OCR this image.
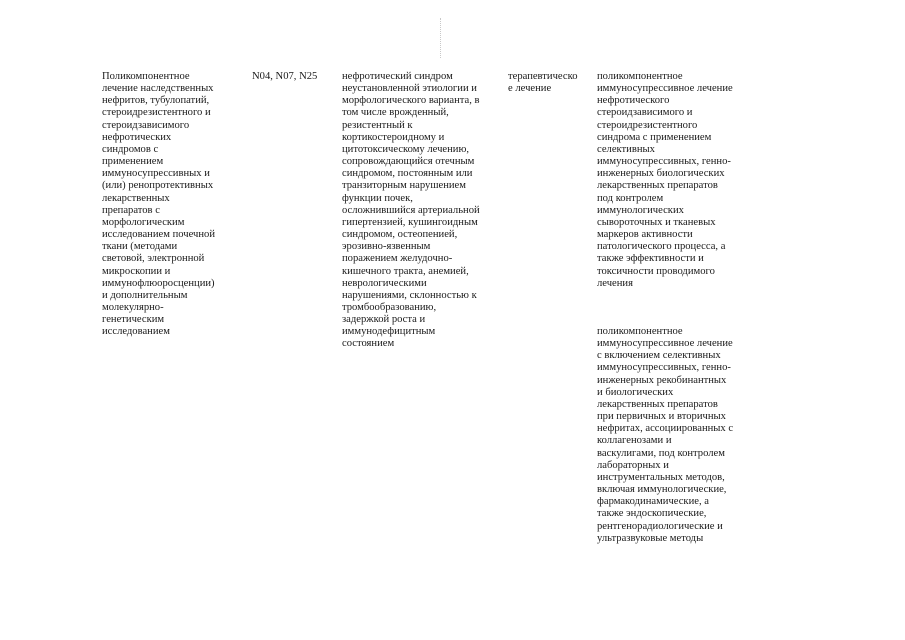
Поликомпонентное
лечение наследственных
нефритов, тубулопатий,
стероидрезистентного и
стероидзависимого
нефротических
синдромов с
применением
иммуносупрессивных и
(или) ренопротективных
лекарственных
препаратов с
морфологическим
исследованием почечной
ткани (методами
световой, электронной
микроскопии и
иммунофлюоросценции)
и дополнительным
молекулярно-
генетическим
исследованием
N04, N07, N25	нефротический синдром
неустановленной этиологии и
морфологического варианта, в
том числе врожденный,
резистентный к
кортикостероидному и
цитотоксическому лечению,
сопровождающийся отечным
синдромом, постоянным или
транзиторным нарушением
функции почек,
осложнившийся артериальной
гипертензией, кушингоидным
синдромом, остеопенией,
эрозивно-язвенным
поражением желудочно-
кишечного тракта, анемией,
неврологическими
нарушениями, склонностью к
тромбообразованию,
задержкой роста и
иммунодефицитным
состоянием
терапевтическо
е лечение
поликомпонентное
иммуносупрессивное лечение
нефротического
стероидзависимого и
стероидрезистентного
синдрома с применением
селективных
иммуносупрессивных, генно-
инженерных биологических
лекарственных препаратов
под контролем
иммунологических
сывороточных и тканевых
маркеров активности
патологического процесса, а
также эффективности и
токсичности проводимого
лечения
поликомпонентное
иммуносупрессивное лечение
с включением селективных
иммуносупрессивных, генно-
инженерных рекобинантных
и биологических
лекарственных препаратов
при первичных и вторичных
нефритах, ассоциированных с
коллагенозами и
васкулигами, под контролем
лабораторных и
инструментальных методов,
включая иммунологические,
фармакодинамические, а
также эндоскопические,
рентгенорадиологические и
ультразвуковые методы
